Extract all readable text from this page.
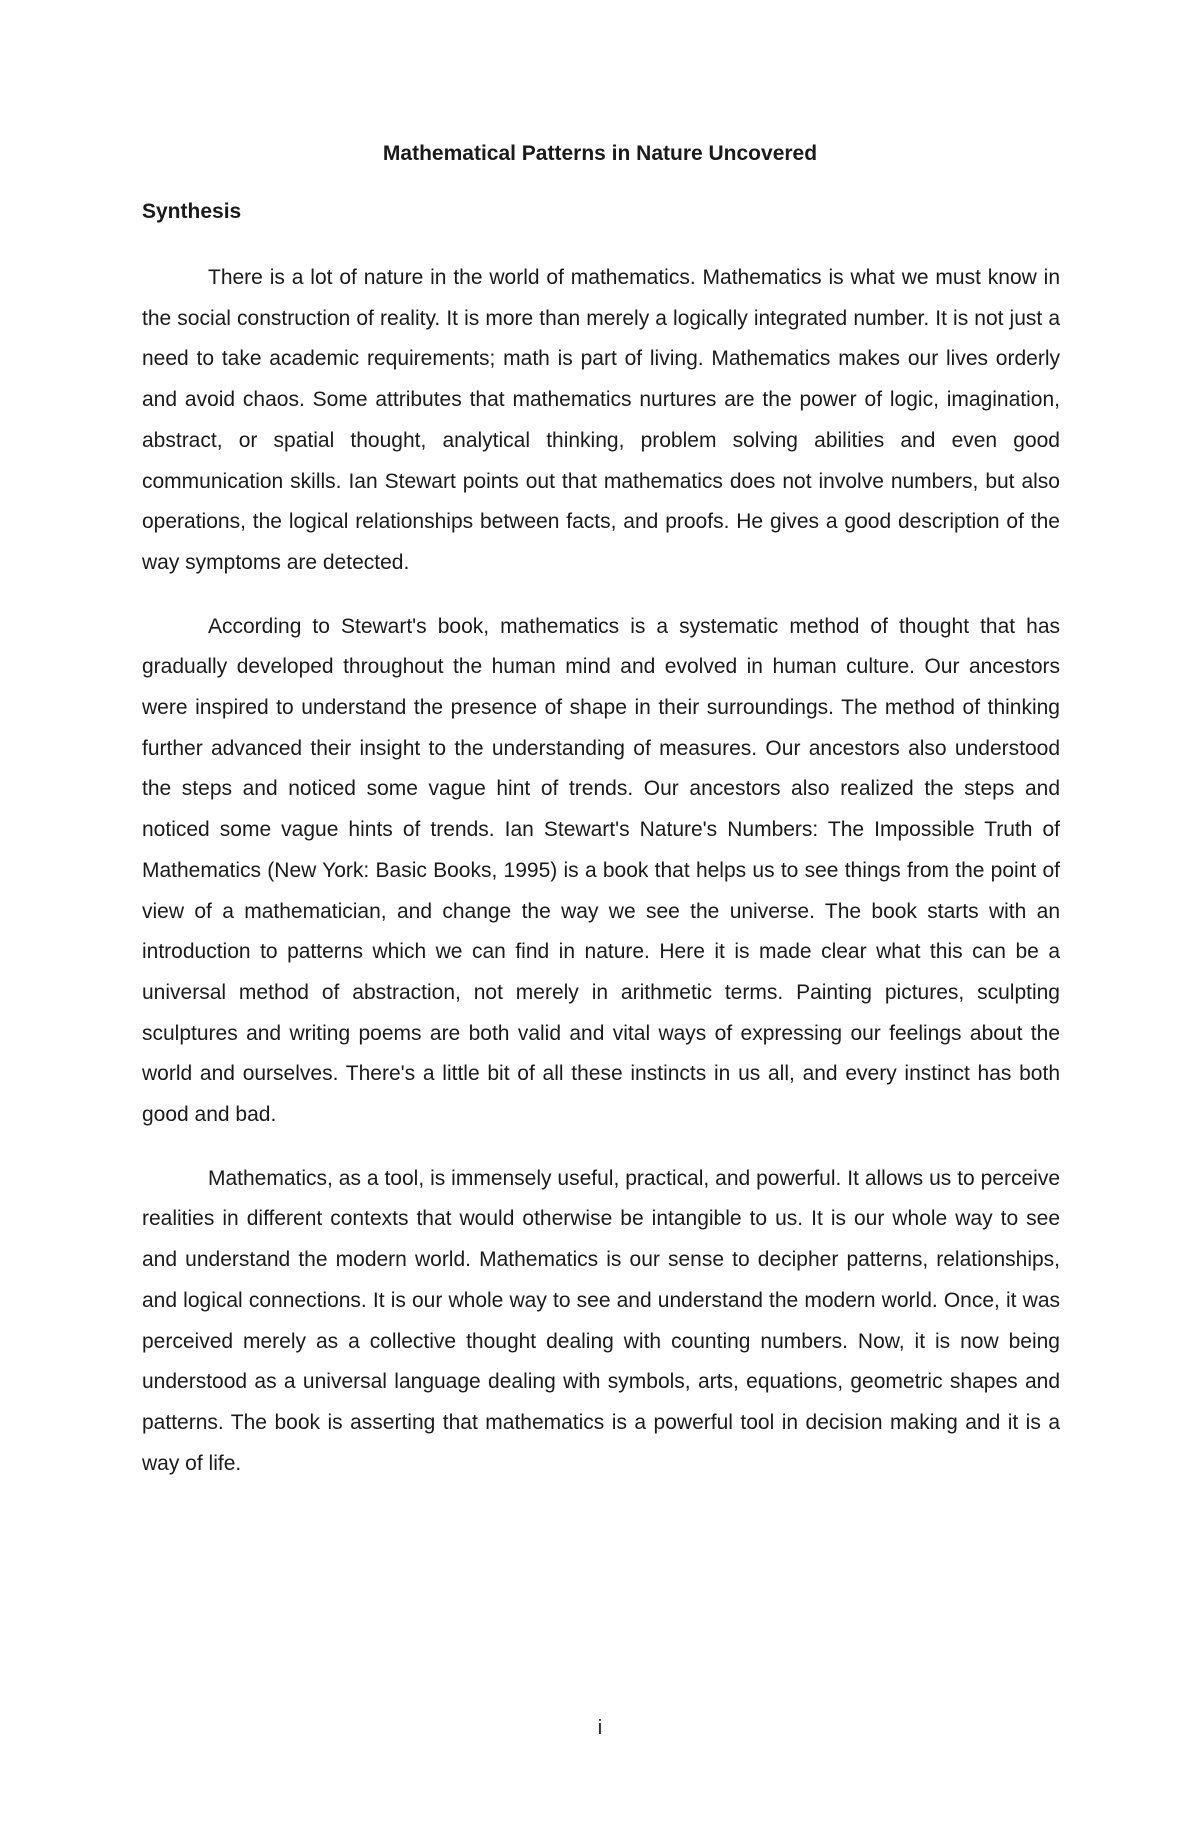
Mathematical Patterns in Nature Uncovered
Synthesis

There is a lot of nature in the world of mathematics. Mathematics is what we must know in the social construction of reality. It is more than merely a logically integrated number. It is not just a need to take academic requirements; math is part of living. Mathematics makes our lives orderly and avoid chaos. Some attributes that mathematics nurtures are the power of logic, imagination, abstract, or spatial thought, analytical thinking, problem solving abilities and even good communication skills. Ian Stewart points out that mathematics does not involve numbers, but also operations, the logical relationships between facts, and proofs. He gives a good description of the way symptoms are detected.

According to Stewart's book, mathematics is a systematic method of thought that has gradually developed throughout the human mind and evolved in human culture. Our ancestors were inspired to understand the presence of shape in their surroundings. The method of thinking further advanced their insight to the understanding of measures. Our ancestors also understood the steps and noticed some vague hint of trends. Our ancestors also realized the steps and noticed some vague hints of trends. Ian Stewart's Nature's Numbers: The Impossible Truth of Mathematics (New York: Basic Books, 1995) is a book that helps us to see things from the point of view of a mathematician, and change the way we see the universe. The book starts with an introduction to patterns which we can find in nature. Here it is made clear what this can be a universal method of abstraction, not merely in arithmetic terms. Painting pictures, sculpting sculptures and writing poems are both valid and vital ways of expressing our feelings about the world and ourselves. There's a little bit of all these instincts in us all, and every instinct has both good and bad.

Mathematics, as a tool, is immensely useful, practical, and powerful. It allows us to perceive realities in different contexts that would otherwise be intangible to us. It is our whole way to see and understand the modern world. Mathematics is our sense to decipher patterns, relationships, and logical connections. It is our whole way to see and understand the modern world. Once, it was perceived merely as a collective thought dealing with counting numbers. Now, it is now being understood as a universal language dealing with symbols, arts, equations, geometric shapes and patterns. The book is asserting that mathematics is a powerful tool in decision making and it is a way of life.

i
